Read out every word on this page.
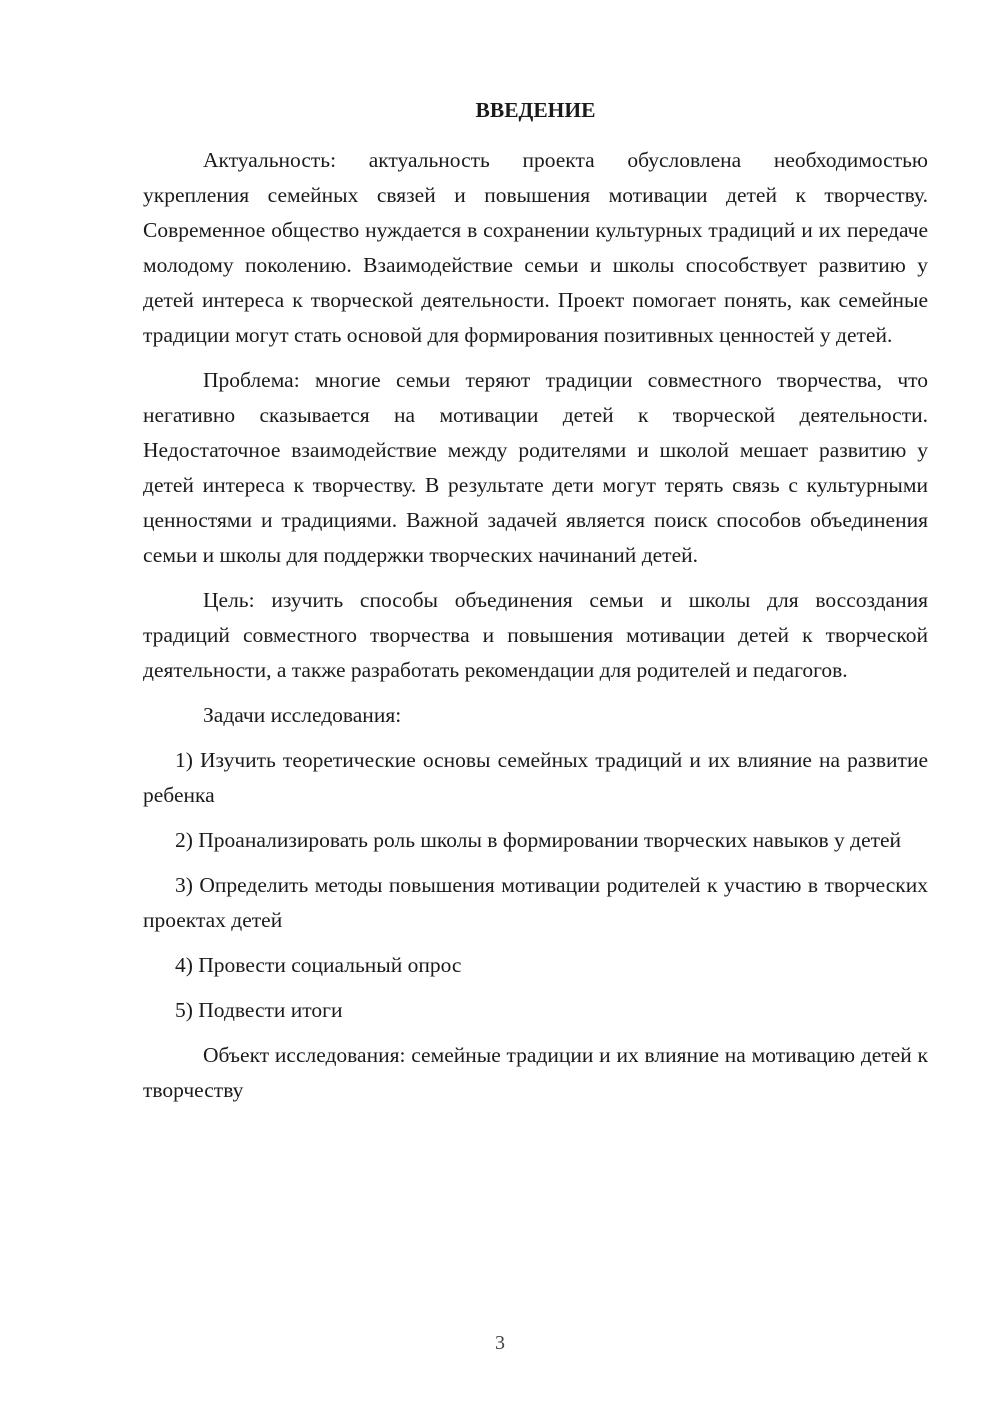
ВВЕДЕНИЕ

Актуальность: актуальность проекта обусловлена необходимостью укрепления семейных связей и повышения мотивации детей к творчеству. Современное общество нуждается в сохранении культурных традиций и их передаче молодому поколению. Взаимодействие семьи и школы способствует развитию у детей интереса к творческой деятельности. Проект помогает понять, как семейные традиции могут стать основой для формирования позитивных ценностей у детей.

Проблема: многие семьи теряют традиции совместного творчества, что негативно сказывается на мотивации детей к творческой деятельности. Недостаточное взаимодействие между родителями и школой мешает развитию у детей интереса к творчеству. В результате дети могут терять связь с культурными ценностями и традициями. Важной задачей является поиск способов объединения семьи и школы для поддержки творческих начинаний детей.

Цель: изучить способы объединения семьи и школы для воссоздания традиций совместного творчества и повышения мотивации детей к творческой деятельности, а также разработать рекомендации для родителей и педагогов.

Задачи исследования:

1) Изучить теоретические основы семейных традиций и их влияние на развитие ребенка

2) Проанализировать роль школы в формировании творческих навыков у детей

3) Определить методы повышения мотивации родителей к участию в творческих проектах детей

4) Провести социальный опрос

5) Подвести итоги

Объект исследования: семейные традиции и их влияние на мотивацию детей к творчеству

3
